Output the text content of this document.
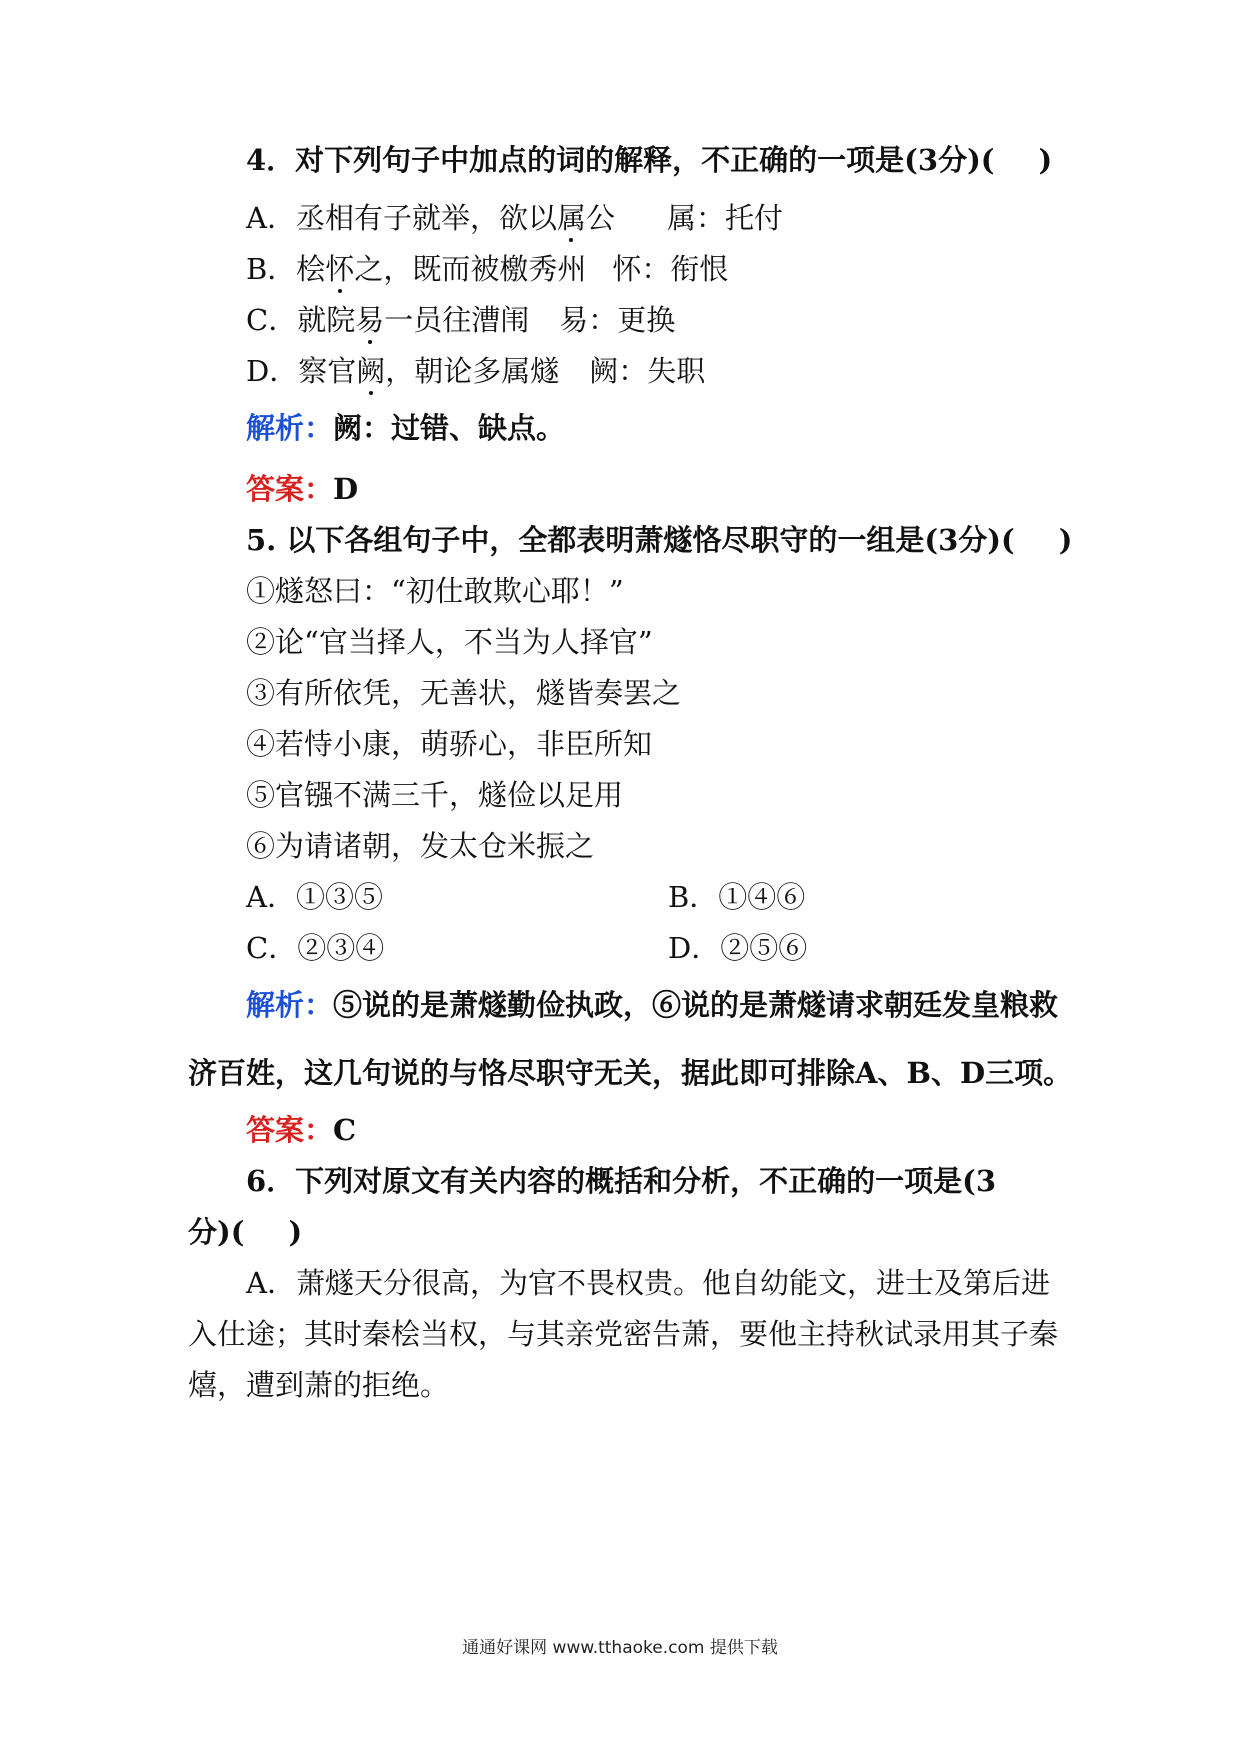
4．对下列句子中加点的词的解释，不正确的一项是(3分)( )
A．丞相有子就举，欲以属公 属：托付
B．桧怀之，既而被檄秀州 怀：衔恨
C．就院易一员往漕闱 易：更换
D．察官阙，朝论多属燧 阙：失职
解析：阙：过错、缺点。
答案：D
5. 以下各组句子中，全都表明萧燧恪尽职守的一组是(3分)( )
①燧怒曰：“初仕敢欺心耶！”
②论“官当择人，不当为人择官”
③有所依凭，无善状，燧皆奏罢之
④若恃小康，萌骄心，非臣所知
⑤官镪不满三千，燧俭以足用
⑥为请诸朝，发太仓米振之
A．①③⑤	B．①④⑥
C．②③④	D．②⑤⑥
解析：⑤说的是萧燧勤俭执政，⑥说的是萧燧请求朝廷发皇粮救
济百姓，这几句说的与恪尽职守无关，据此即可排除A、B、D三项。
答案：C
6．下列对原文有关内容的概括和分析，不正确的一项是(3
分)( )
A．萧燧天分很高，为官不畏权贵。他自幼能文，进士及第后进
入仕途；其时秦桧当权，与其亲党密告萧，要他主持秋试录用其子秦
熺，遭到萧的拒绝。
通通好课网 www.tthaoke.com 提供下载
